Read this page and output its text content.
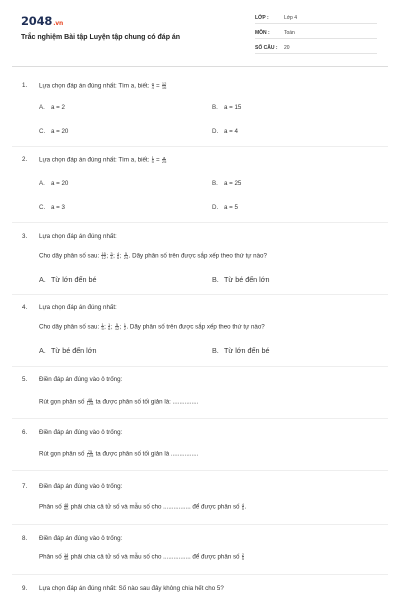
2048.vn
Trắc nghiệm Bài tập Luyện tập chung có đáp án
LỚP :	Lớp 4
MÔN :	Toán
SỐ CÂU : 20
1. Lựa chọn đáp án đúng nhất: Tìm a, biết: $\frac{a}{4} = \frac{12}{16}$
A. a = 2	B. a = 15
C. a = 20	D. a = 4
2. Lựa chọn đáp án đúng nhất: Tìm a, biết: $\frac{1}{5} = \frac{a}{25}$
A. a = 20	B. a = 25
C. a = 3	D. a = 5
3. Lựa chọn đáp án đúng nhất:
Cho dãy phân số sau: $\frac{15}{12}$ ; $\frac{3}{4}$ ; $\frac{4}{6}$ ; $\frac{5}{24}$ . Dãy phân số trên được sắp xếp theo thứ tự nào?
A. Từ lớn đến bé	B. Từ bé đến lớn
4. Lựa chọn đáp án đúng nhất:
Cho dãy phân số sau: $\frac{1}{5}$ ; $\frac{1}{6}$ ; $\frac{5}{12}$ ; $\frac{1}{2}$ . Dãy phân số trên được sắp xếp theo thứ tự nào?
A. Từ bé đến lớn	B. Từ lớn đến bé
5. Điền đáp án đúng vào ô trống:
Rút gọn phân số $\frac{48}{128}$ ta được phân số tối giản là: ...............
6. Điền đáp án đúng vào ô trống:
Rút gọn phân số $\frac{75}{125}$ ta được phân số tối giản là ................
7. Điền đáp án đúng vào ô trống:
Phân số $\frac{48}{60}$ phải chia cả tử số và mẫu số cho ................ để được phân số $\frac{4}{5}$ .
8. Điền đáp án đúng vào ô trống:
Phân số $\frac{14}{35}$ phải chia cả tử số và mẫu số cho ................ để được phân số $\frac{2}{5}$
9. Lựa chọn đáp án đúng nhất: Số nào sau đây không chia hết cho 5?
